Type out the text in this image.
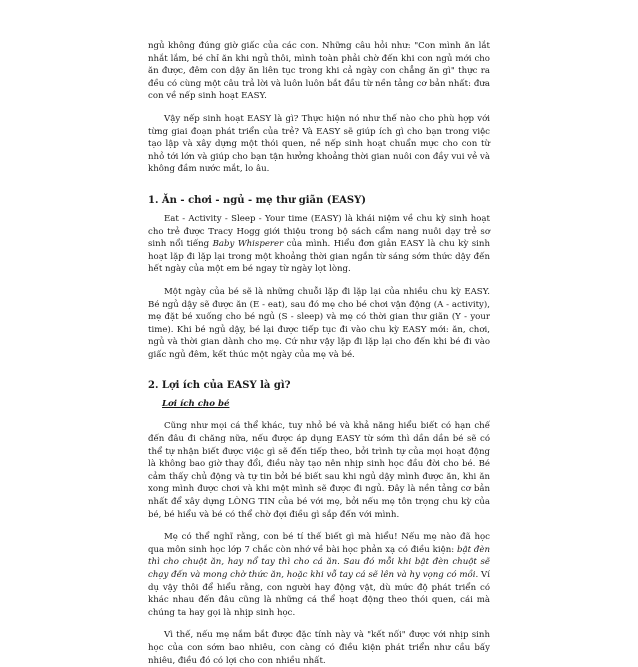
ngủ không đúng giờ giấc của các con. Những câu hỏi như: "Con mình ăn lắt nhắt lắm, bé chỉ ăn khi ngủ thôi, mình toàn phải chờ đến khi con ngủ mới cho ăn được, đêm con dậy ăn liên tục trong khi cả ngày con chẳng ăn gì" thực ra đều có cùng một câu trả lời và luôn luôn bắt đầu từ nền tảng cơ bản nhất: đưa con về nếp sinh hoạt EASY.

Vậy nếp sinh hoạt EASY là gì? Thực hiện nó như thế nào cho phù hợp với từng giai đoạn phát triển của trẻ? Và EASY sẽ giúp ích gì cho bạn trong việc tạo lập và xây dựng một thói quen, nề nếp sinh hoạt chuẩn mực cho con từ nhỏ tới lớn và giúp cho bạn tận hưởng khoảng thời gian nuôi con đầy vui vẻ và không đầm nước mắt, lo âu.

1. Ăn - chơi - ngủ - mẹ thư giãn (EASY)

Eat - Activity - Sleep - Your time (EASY) là khái niệm về chu kỳ sinh hoạt cho trẻ được Tracy Hogg giới thiệu trong bộ sách cẩm nang nuôi dạy trẻ sơ sinh nổi tiếng Baby Whisperer của mình. Hiểu đơn giản EASY là chu kỳ sinh hoạt lặp đi lặp lại trong một khoảng thời gian ngắn từ sáng sớm thức dậy đến hết ngày của một em bé ngay từ ngày lọt lòng.

Một ngày của bé sẽ là những chuỗi lặp đi lặp lại của nhiều chu kỳ EASY. Bé ngủ dậy sẽ được ăn (E - eat), sau đó mẹ cho bé chơi vận động (A - activity), mẹ đặt bé xuống cho bé ngủ (S - sleep) và mẹ có thời gian thư giãn (Y - your time). Khi bé ngủ dậy, bé lại được tiếp tục đi vào chu kỳ EASY mới: ăn, chơi, ngủ và thời gian dành cho mẹ. Cứ như vậy lặp đi lặp lại cho đến khi bé đi vào giấc ngủ đêm, kết thúc một ngày của mẹ và bé.

2. Lợi ích của EASY là gì?
Lợi ích cho bé

Cũng như mọi cá thể khác, tuy nhỏ bé và khả năng hiểu biết có hạn chế đến đâu đi chăng nữa, nếu được áp dụng EASY từ sớm thì dần dần bé sẽ có thể tự nhận biết được việc gì sẽ đến tiếp theo, bởi trình tự của mọi hoạt động là không bao giờ thay đổi, điều này tạo nên nhịp sinh học đầu đời cho bé. Bé cảm thấy chủ động và tự tin bởi bé biết sau khi ngủ dậy mình được ăn, khi ăn xong mình được chơi và khi mệt mình sẽ được đi ngủ. Đây là nền tảng cơ bản nhất để xây dựng LÒNG TIN của bé với mẹ, bởi nếu mẹ tôn trọng chu kỳ của bé, bé hiểu và bé có thể chờ đợi điều gì sắp đến với mình.

Mẹ có thể nghĩ rằng, con bé tí thế biết gì mà hiểu! Nếu mẹ nào đã học qua môn sinh học lớp 7 chắc còn nhớ về bài học phản xạ có điều kiện: bật đèn thì cho chuột ăn, hay nổ tay thì cho cá ăn. Sau đó mỗi khi bật đèn chuột sẽ chạy đến và mong chờ thức ăn, hoặc khi vỗ tay cá sẽ lên và hy vọng có mồi. Ví dụ vậy thôi để hiểu rằng, con người hay động vật, dù mức độ phát triển có khác nhau đến đâu cũng là những cá thể hoạt động theo thói quen, cái mà chúng ta hay gọi là nhịp sinh học.

Vì thế, nếu mẹ nắm bắt được đặc tính này và "kết nối" được với nhịp sinh học của con sớm bao nhiêu, con càng có điều kiện phát triển như cầu bấy nhiêu, điều đó có lợi cho con nhiều nhất.
